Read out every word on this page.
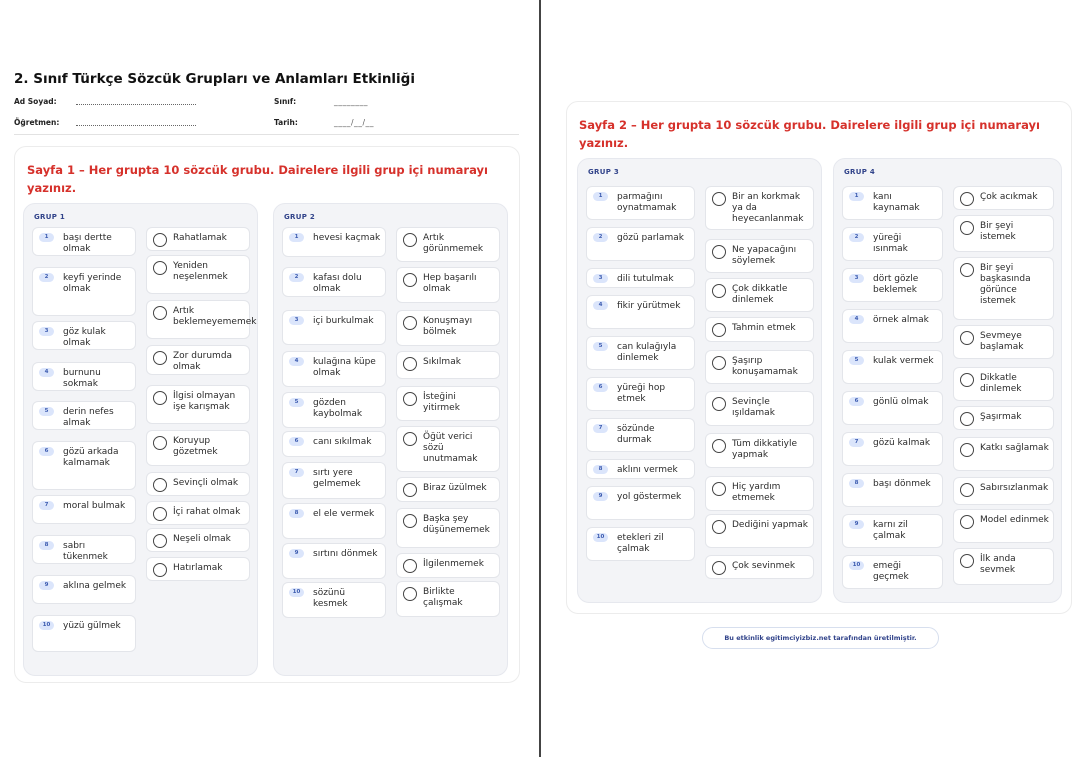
2. Sınıf Türkçe Sözcük Grupları ve Anlamları Etkinliği
Ad Soyad:	Sınıf:	________
Öğretmen:	Tarih:	____/__/__
Sayfa 1 – Her grupta 10 sözcük grubu. Dairelere ilgili grup içi numarayı yazınız.
GRUP 1
1	başı dertte olmak
2	keyfi yerinde olmak
3	göz kulak olmak
4	burnunu sokmak
5	derin nefes almak
6	gözü arkada kalmamak
7	moral bulmak
8	sabrı tükenmek
9	aklına gelmek
10	yüzü gülmek
Rahatlamak
Yeniden neşelenmek
Artık beklemeyememek
Zor durumda olmak
İlgisi olmayan işe karışmak
Koruyup gözetmek
Sevinçli olmak
İçi rahat olmak
Neşeli olmak
Hatırlamak
GRUP 2
1	hevesi kaçmak
2	kafası dolu olmak
3	içi burkulmak
4	kulağına küpe olmak
5	gözden kaybolmak
6	canı sıkılmak
7	sırtı yere gelmemek
8	el ele vermek
9	sırtını dönmek
10	sözünü kesmek
Artık görünmemek
Hep başarılı olmak
Konuşmayı bölmek
Sıkılmak
İsteğini yitirmek
Öğüt verici sözü unutmamak
Biraz üzülmek
Başka şey düşünememek
İlgilenmemek
Birlikte çalışmak
Sayfa 2 – Her grupta 10 sözcük grubu. Dairelere ilgili grup içi numarayı yazınız.
GRUP 3
1	parmağını oynatmamak
2	gözü parlamak
3	dili tutulmak
4	fikir yürütmek
5	can kulağıyla dinlemek
6	yüreği hop etmek
7	sözünde durmak
8	aklını vermek
9	yol göstermek
10	etekleri zil çalmak
Bir an korkmak ya da heyecanlanmak
Ne yapacağını söylemek
Çok dikkatle dinlemek
Tahmin etmek
Şaşırıp konuşamamak
Sevinçle ışıldamak
Tüm dikkatiyle yapmak
Hiç yardım etmemek
Dediğini yapmak
Çok sevinmek
GRUP 4
1	kanı kaynamak
2	yüreği ısınmak
3	dört gözle beklemek
4	örnek almak
5	kulak vermek
6	gönlü olmak
7	gözü kalmak
8	başı dönmek
9	karnı zil çalmak
10	emeği geçmek
Çok acıkmak
Bir şeyi istemek
Bir şeyi başkasında görünce istemek
Sevmeye başlamak
Dikkatle dinlemek
Şaşırmak
Katkı sağlamak
Sabırsızlanmak
Model edinmek
İlk anda sevmek
Bu etkinlik egitimciyizbiz.net tarafından üretilmiştir.
